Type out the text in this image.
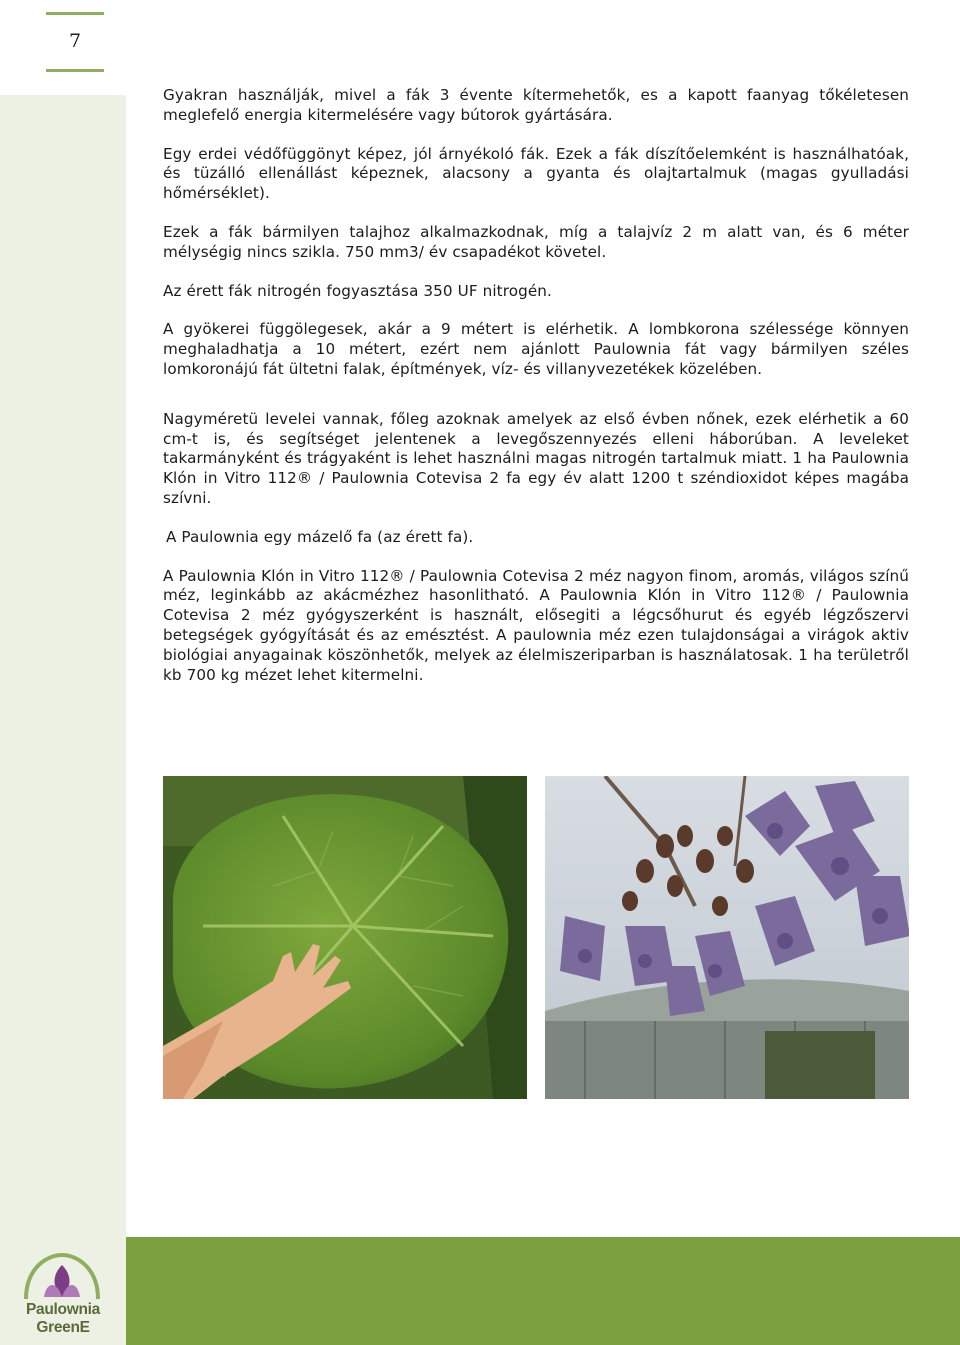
7

Gyakran használják, mivel a fák 3 évente kítermehetők, es a kapott faanyag tőkéletesen meglefelő energia kitermelésére vagy bútorok gyártására.

Egy erdei védőfüggönyt képez, jól árnyékoló fák. Ezek a fák díszítőelemként is használhatóak, és tüzálló ellenállást képeznek, alacsony a gyanta és olajtartalmuk (magas gyulladási hőmérséklet).

Ezek a fák bármilyen talajhoz alkalmazkodnak, míg a talajvíz 2 m alatt van, és 6 méter mélységig nincs szikla. 750 mm3/ év csapadékot követel.

Az érett fák nitrogén fogyasztása 350 UF nitrogén.

A gyökerei függölegesek, akár a 9 métert is elérhetik. A lombkorona szélessége könnyen meghaladhatja a 10 métert, ezért nem ajánlott Paulownia fát vagy bármilyen széles lomkoronájú fát ültetni falak, építmények, víz- és villanyvezetékek közelében.

Nagyméretü levelei vannak, főleg azoknak amelyek az első évben nőnek, ezek elérhetik a 60 cm-t is, és segítséget jelentenek a levegőszennyezés elleni háborúban. A leveleket takarmányként és trágyaként is lehet használni magas nitrogén tartalmuk miatt. 1 ha Paulownia Klón in Vitro 112® / Paulownia Cotevisa 2 fa egy év alatt 1200 t széndioxidot képes magába szívni.

A Paulownia egy mázelő fa (az érett fa).

A Paulownia Klón in Vitro 112® / Paulownia Cotevisa 2 méz nagyon finom, aromás, világos színű méz, leginkább az akácmézhez hasonlitható. A Paulownia Klón in Vitro 112® / Paulownia Cotevisa 2 méz gyógyszerként is használt, elősegiti a légcsőhurut és egyéb légzőszervi betegségek gyógyítását és az emésztést. A paulownia méz ezen tulajdonságai a virágok aktiv biológiai anyagainak köszönhetők, melyek az élelmiszeriparban is használatosak. 1 ha területről kb 700 kg mézet lehet kitermelni.

Paulownia GreenE
